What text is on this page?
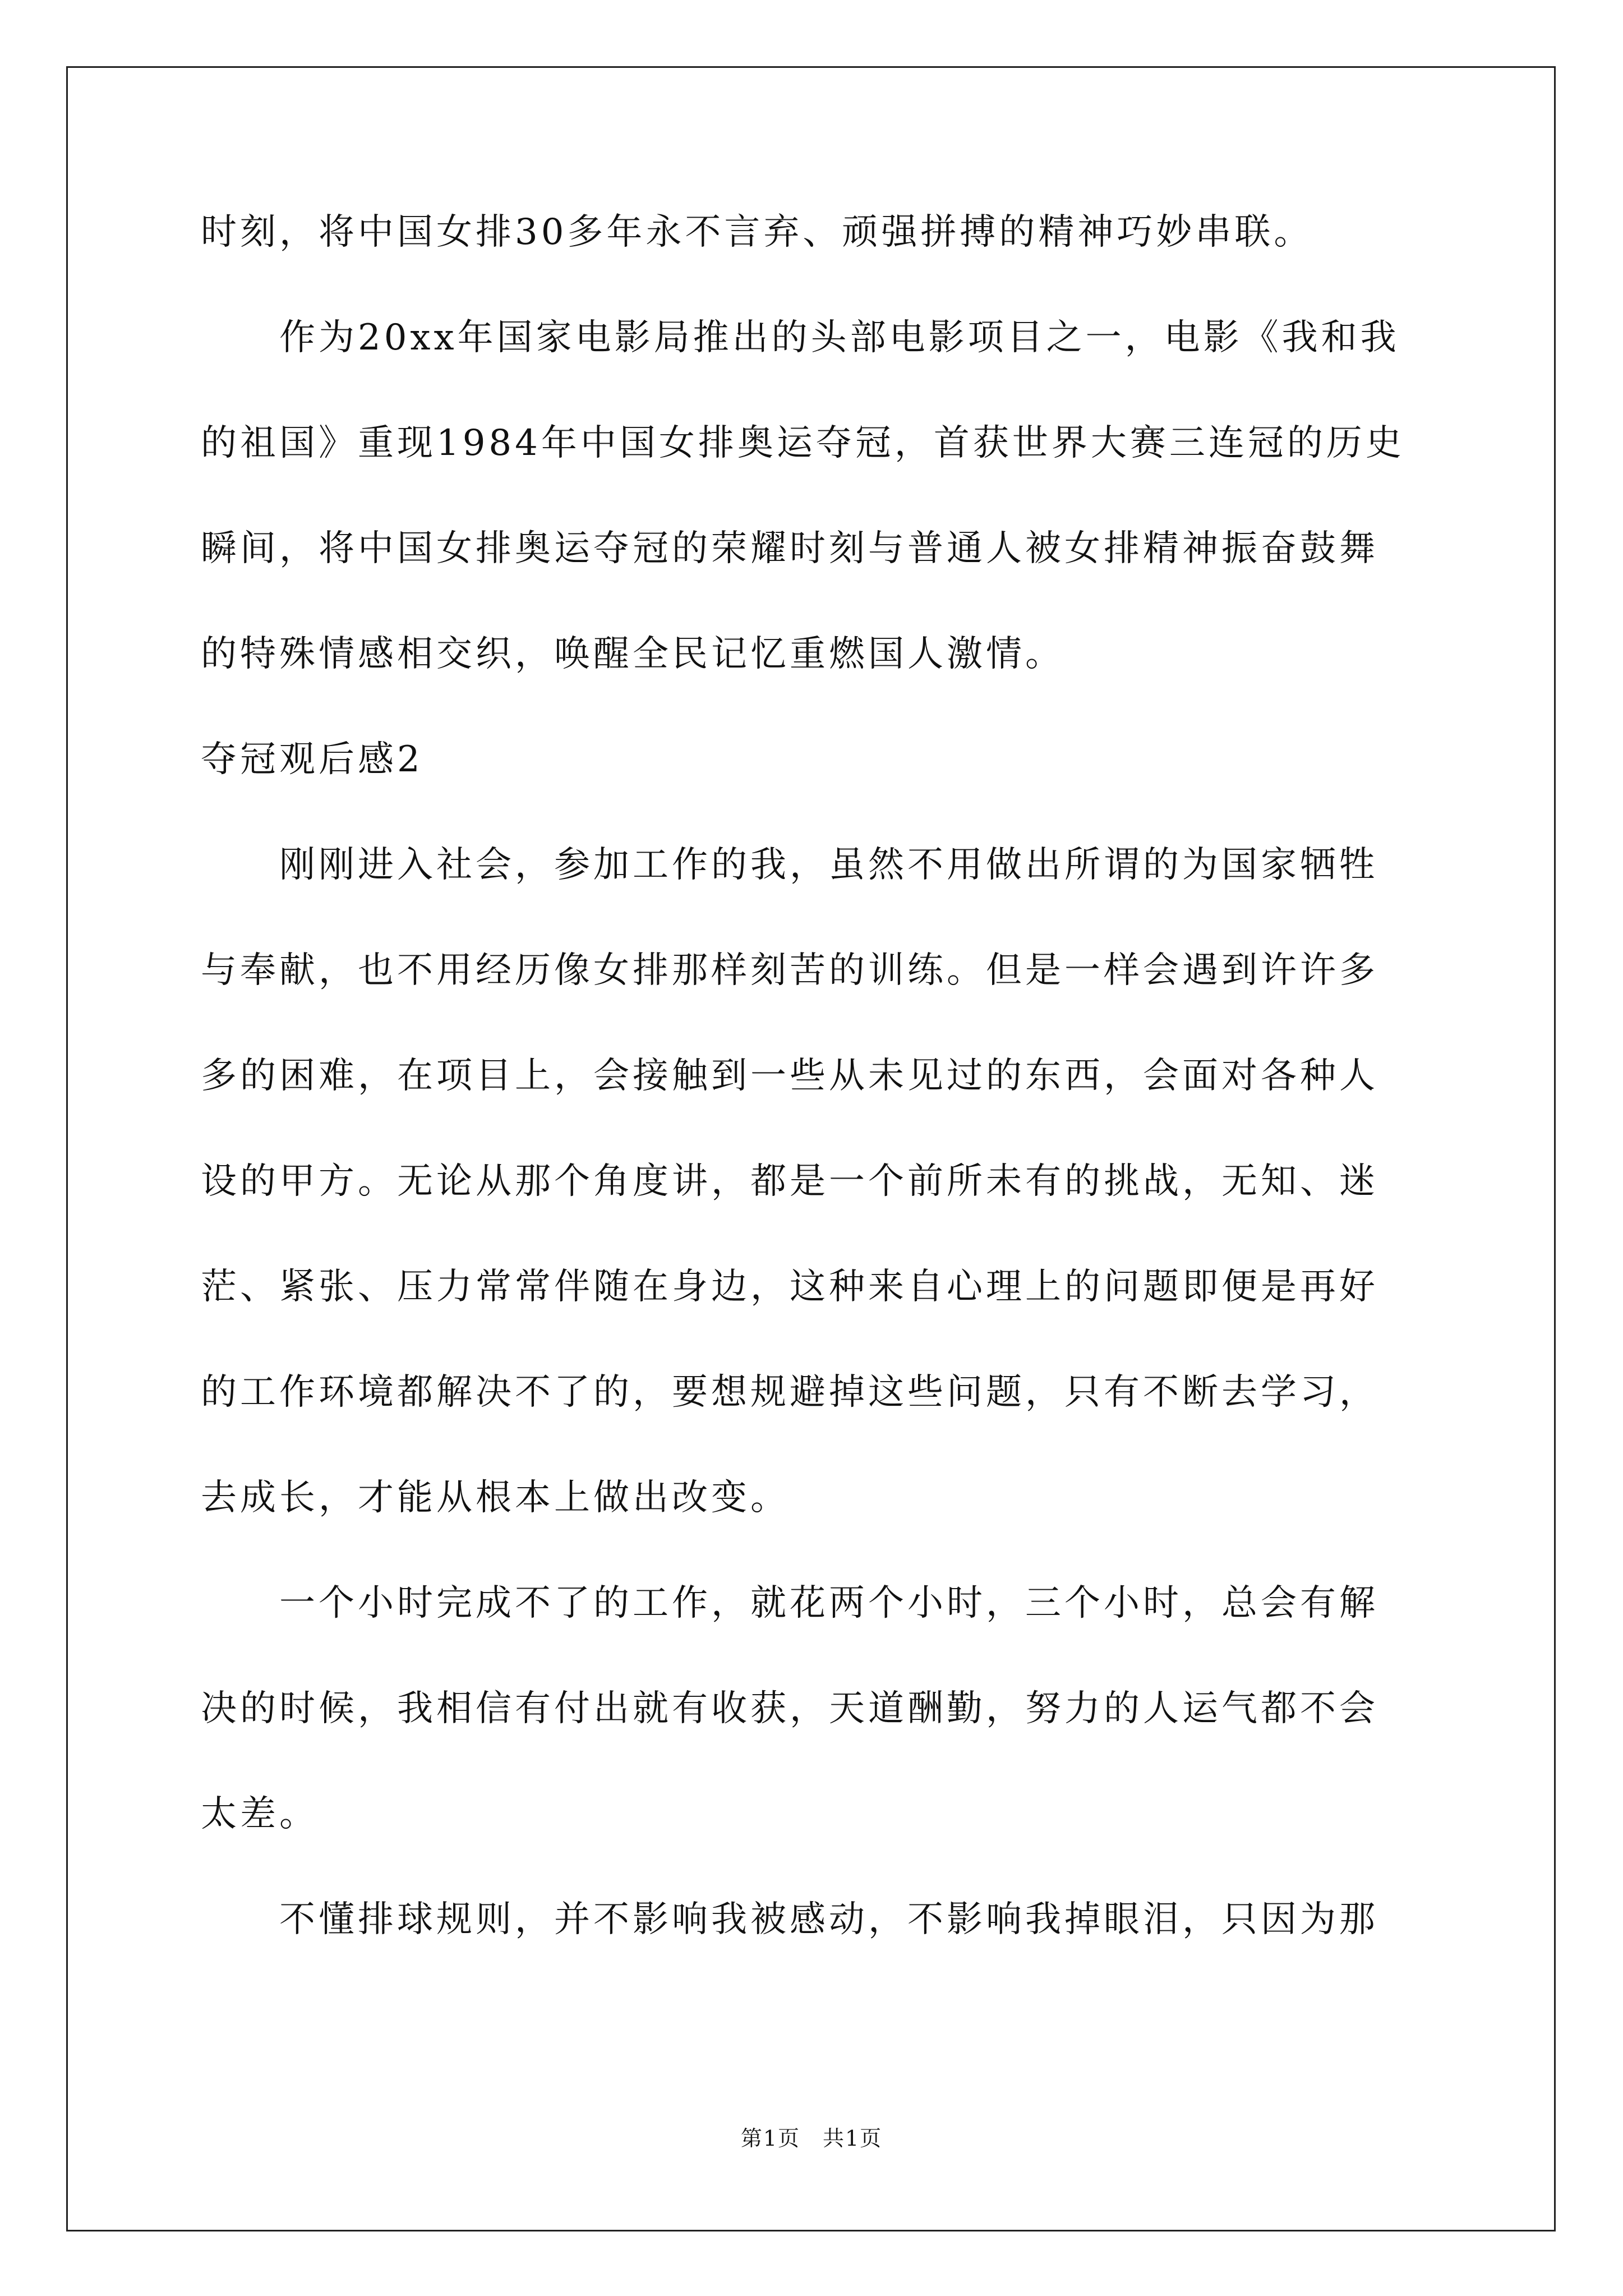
时刻，将中国女排30多年永不言弃、顽强拼搏的精神巧妙串联。
作为20xx年国家电影局推出的头部电影项目之一，电影《我和我
的祖国》重现1984年中国女排奥运夺冠，首获世界大赛三连冠的历史
瞬间，将中国女排奥运夺冠的荣耀时刻与普通人被女排精神振奋鼓舞
的特殊情感相交织，唤醒全民记忆重燃国人激情。
夺冠观后感2
刚刚进入社会，参加工作的我，虽然不用做出所谓的为国家牺牲
与奉献，也不用经历像女排那样刻苦的训练。但是一样会遇到许许多
多的困难，在项目上，会接触到一些从未见过的东西，会面对各种人
设的甲方。无论从那个角度讲，都是一个前所未有的挑战，无知、迷
茫、紧张、压力常常伴随在身边，这种来自心理上的问题即便是再好
的工作环境都解决不了的，要想规避掉这些问题，只有不断去学习，
去成长，才能从根本上做出改变。
一个小时完成不了的工作，就花两个小时，三个小时，总会有解
决的时候，我相信有付出就有收获，天道酬勤，努力的人运气都不会
太差。
不懂排球规则，并不影响我被感动，不影响我掉眼泪，只因为那
第1页 共1页
